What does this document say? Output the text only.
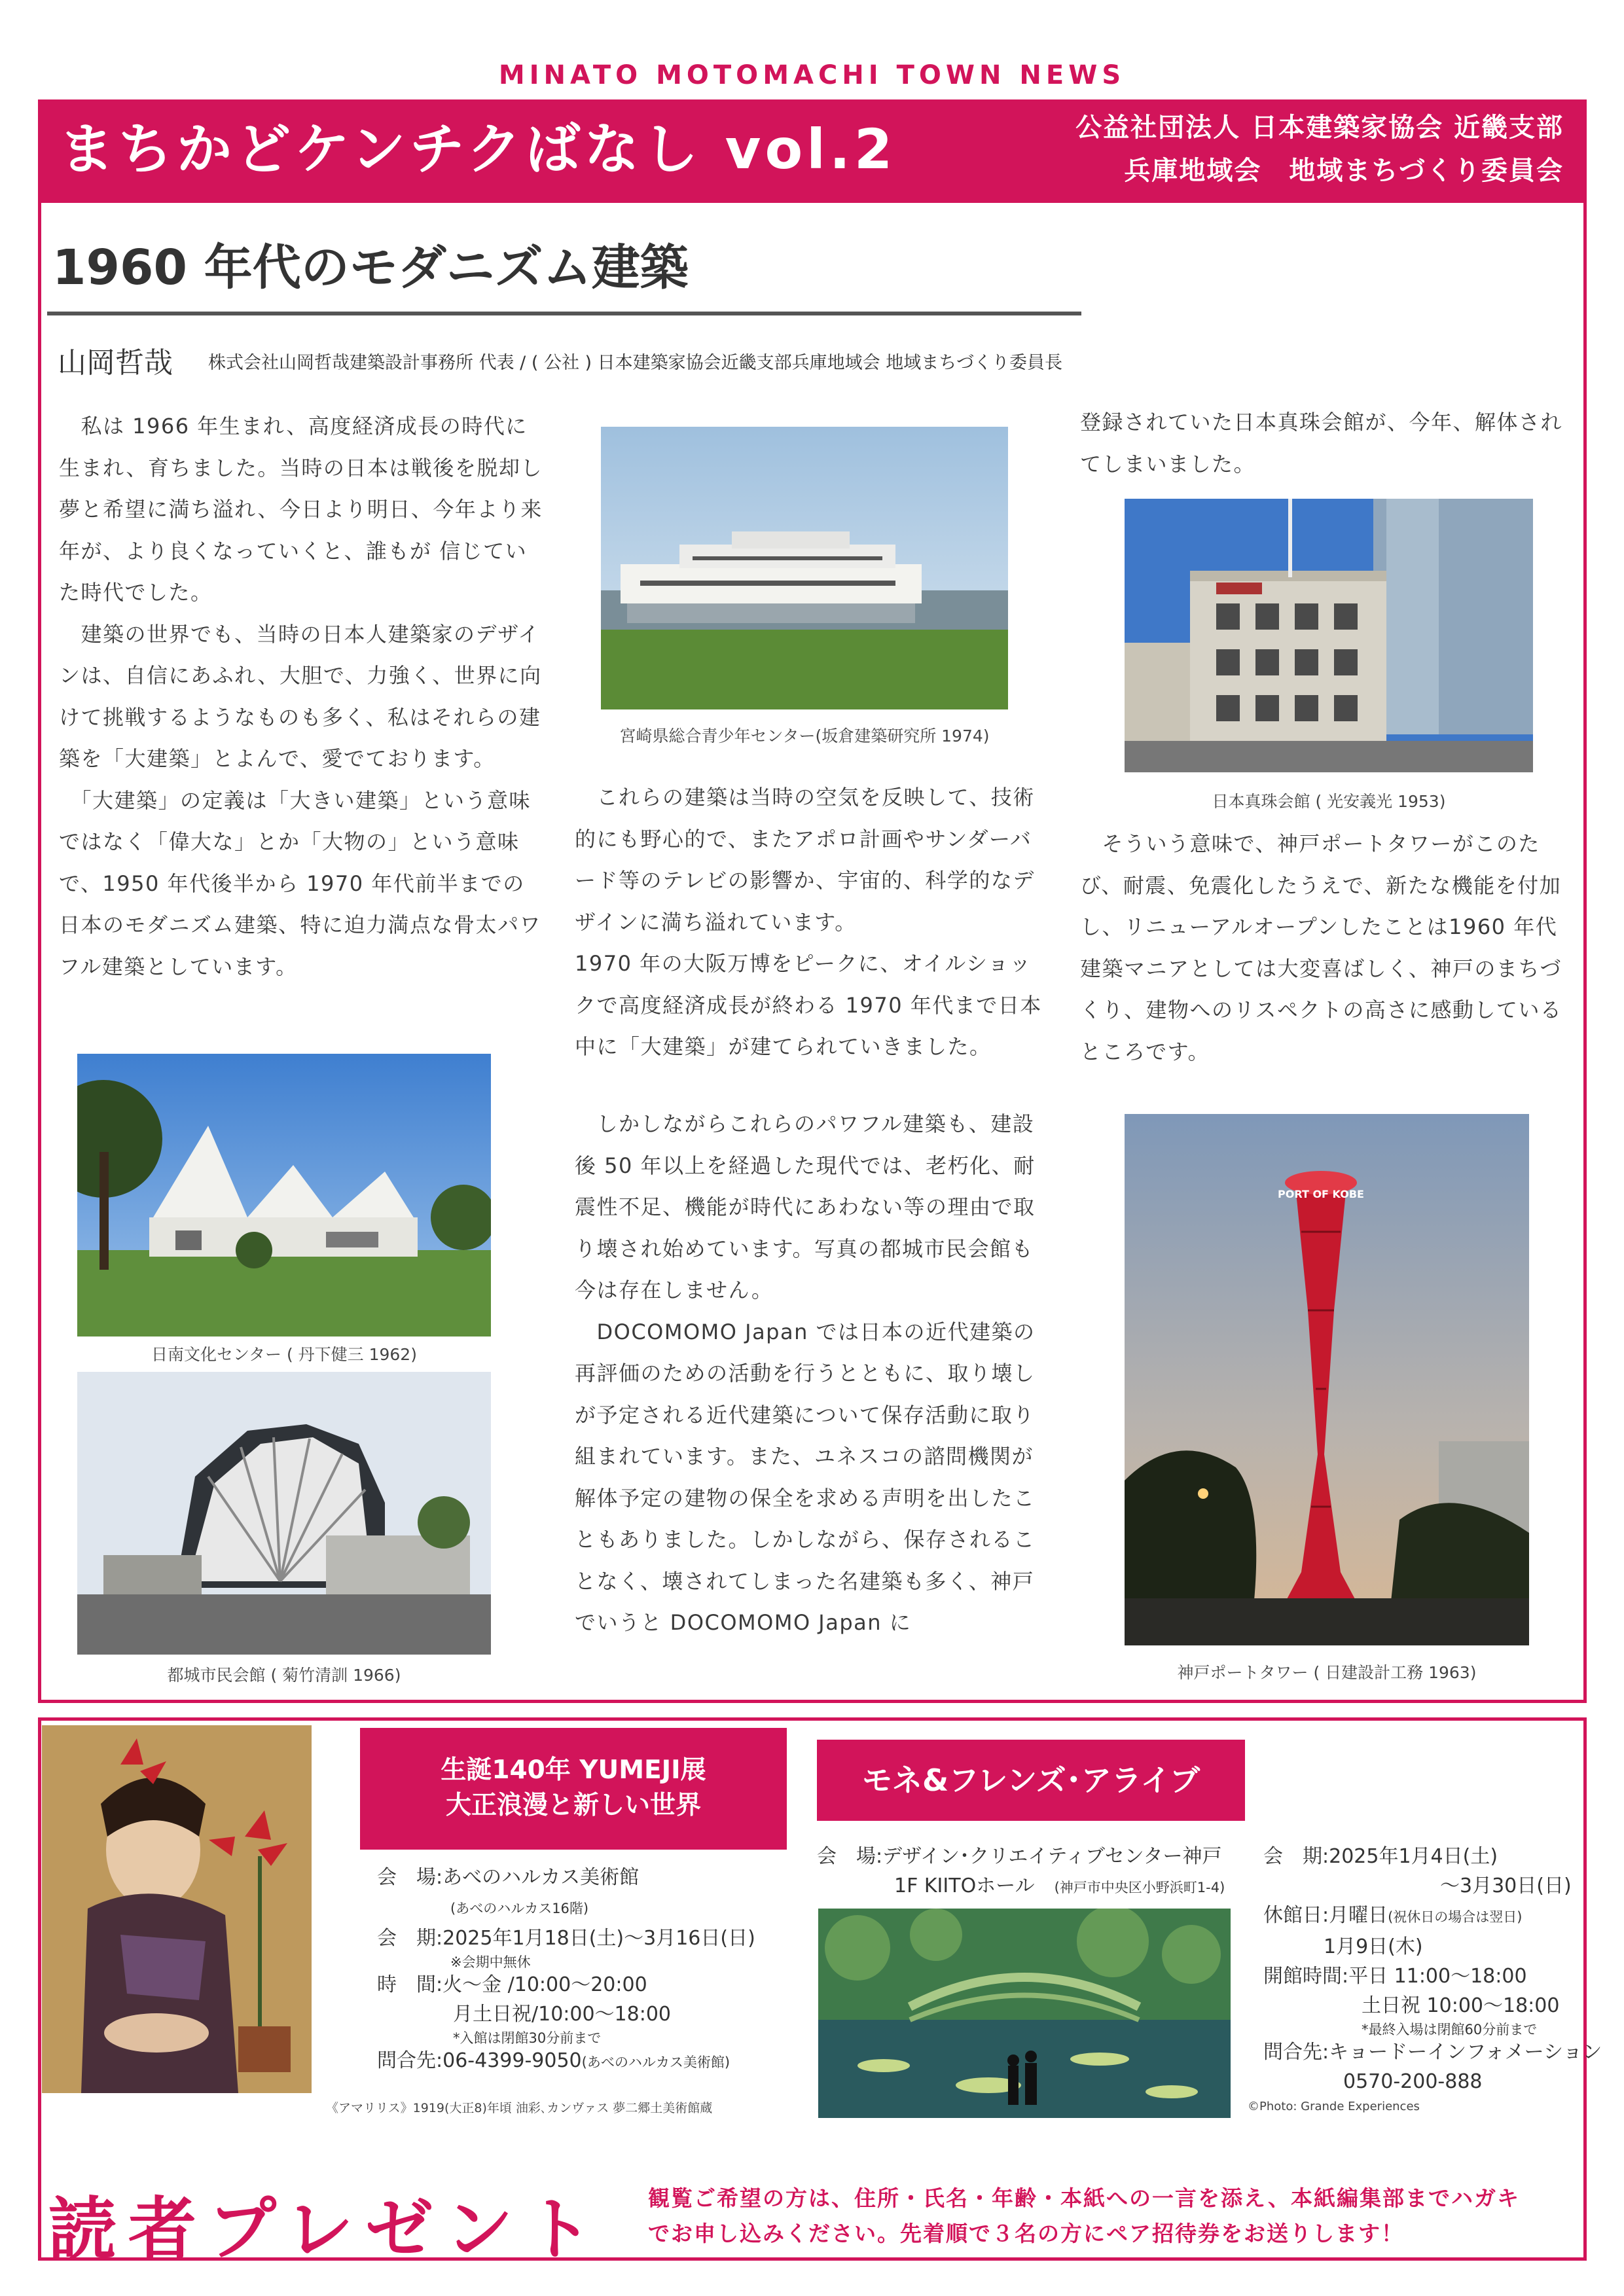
MINATO MOTOMACHI TOWN NEWS
まちかどケンチクばなし vol.2	公益社団法人 日本建築家協会 近畿支部
兵庫地域会　地域まちづくり委員会
1960 年代のモダニズム建築
山岡哲哉 株式会社山岡哲哉建築設計事務所 代表 / ( 公社 ) 日本建築家協会近畿支部兵庫地域会 地域まちづくり委員長

　私は 1966 年生まれ、高度経済成長の時代に生まれ、育ちました。当時の日本は戦後を脱却し夢と希望に満ち溢れ、今日より明日、今年より来年が、より良くなっていくと、誰もが 信じていた時代でした。

　建築の世界でも、当時の日本人建築家のデザインは、自信にあふれ、大胆で、力強く、世界に向けて挑戦するようなものも多く、私はそれらの建築を「大建築」とよんで、愛でております。

　「大建築」の定義は「大きい建築」という意味ではなく「偉大な」とか「大物の」という意味で、1950 年代後半から 1970 年代前半までの日本のモダニズム建築、特に迫力満点な骨太パワフル建築としています。

日南文化センター ( 丹下健三 1962)
都城市民会館 ( 菊竹清訓 1966)
宮崎県総合青少年センター(坂倉建築研究所 1974)

　これらの建築は当時の空気を反映して、技術的にも野心的で、またアポロ計画やサンダーバード等のテレビの影響か、宇宙的、科学的なデザインに満ち溢れています。

1970 年の大阪万博をピークに、オイルショックで高度経済成長が終わる 1970 年代まで日本中に「大建築」が建てられていきました。

　しかしながらこれらのパワフル建築も、建設後 50 年以上を経過した現代では、老朽化、耐震性不足、機能が時代にあわない等の理由で取り壊され始めています。写真の都城市民会館も今は存在しません。

　DOCOMOMO Japan では日本の近代建築の再評価のための活動を行うとともに、取り壊しが予定される近代建築について保存活動に取り組まれています。また、ユネスコの諮問機関が解体予定の建物の保全を求める声明を出したこともありました。しかしながら、保存されることなく、壊されてしまった名建築も多く、神戸でいうと DOCOMOMO Japan に

登録されていた日本真珠会館が、今年、解体されてしまいました。

日本真珠会館 ( 光安義光 1953)

　そういう意味で、神戸ポートタワーがこのたび、耐震、免震化したうえで、新たな機能を付加し、リニューアルオープンしたことは1960 年代建築マニアとしては大変喜ばしく、神戸のまちづくり、建物へのリスペクトの高さに感動しているところです。

PORT OF KOBE
神戸ポートタワー ( 日建設計工務 1963)
《アマリリス》1919(大正8)年頃 油彩､カンヴァス 夢二郷土美術館蔵
生誕140年 YUMEJI展
大正浪漫と新しい世界
会　場:あべのハルカス美術館
(あべのハルカス16階)
会　期:2025年1月18日(土)～3月16日(日)
※会期中無休
時　間:火～金 /10:00～20:00
月土日祝/10:00～18:00
*入館は閉館30分前まで
問合先:06-4399-9050(あべのハルカス美術館)
モネ&フレンズ･アライブ
会　場:デザイン･クリエイティブセンター神戸
1F KIITOホール　 (神戸市中央区小野浜町1-4)
©Photo: Grande Experiences
会　期:2025年1月4日(土)
～3月30日(日)
休館日:月曜日(祝休日の場合は翌日)
1月9日(木)
開館時間:平日 11:00～18:00
土日祝 10:00～18:00
*最終入場は閉館60分前まで
問合先:キョードーインフォメーション
0570-200-888
読者プレゼント 観覧ご希望の方は、住所・氏名・年齢・本紙への一言を添え、本紙編集部までハガキ
でお申し込みください。先着順で３名の方にペア招待券をお送りします！
